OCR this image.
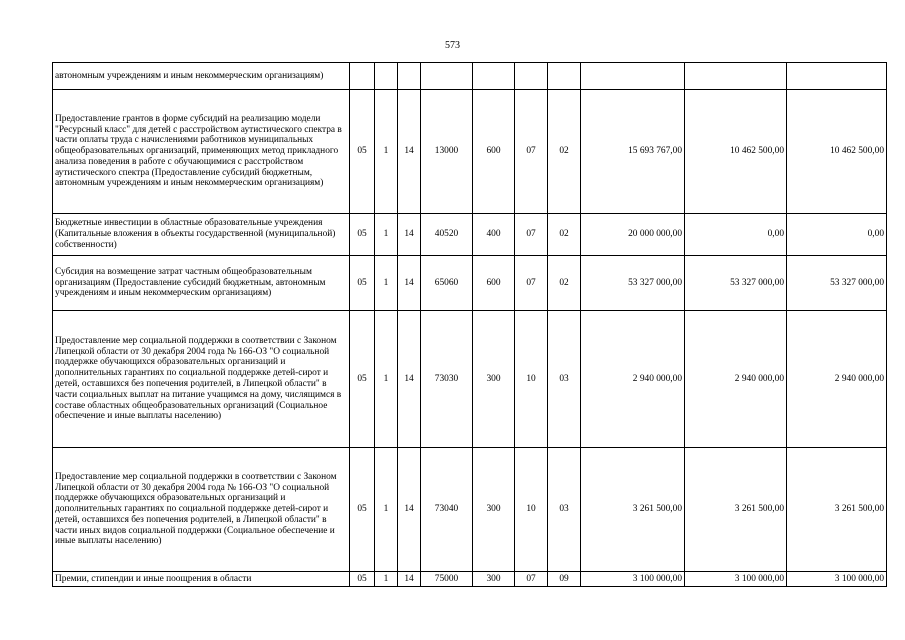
573
автономным учреждениям и иным некоммерческим организациям)										
Предоставление грантов в форме субсидий на реализацию модели "Ресурсный класс" для детей с расстройством аутистического спектра в части оплаты труда с начислениями работников муниципальных общеобразовательных организаций, применяющих метод прикладного анализа поведения в работе с обучающимися с расстройством аутистического спектра (Предоставление субсидий бюджетным, автономным учреждениям и иным некоммерческим организациям)	05	1	14	13000	600	07	02	15 693 767,00	10 462 500,00	10 462 500,00
Бюджетные инвестиции в областные образовательные учреждения (Капитальные вложения в объекты государственной (муниципальной) собственности)	05	1	14	40520	400	07	02	20 000 000,00	0,00	0,00
Субсидия на возмещение затрат частным общеобразовательным организациям (Предоставление субсидий бюджетным, автономным учреждениям и иным некоммерческим организациям)	05	1	14	65060	600	07	02	53 327 000,00	53 327 000,00	53 327 000,00
Предоставление мер социальной поддержки в соответствии с Законом Липецкой области от 30 декабря 2004 года № 166-ОЗ "О социальной поддержке обучающихся образовательных организаций и дополнительных гарантиях по социальной поддержке детей-сирот и детей, оставшихся без попечения родителей, в Липецкой области" в части социальных выплат на питание учащимся на дому, числящимся в составе областных общеобразовательных организаций (Социальное обеспечение и иные выплаты населению)	05	1	14	73030	300	10	03	2 940 000,00	2 940 000,00	2 940 000,00
Предоставление мер социальной поддержки в соответствии с Законом Липецкой области от 30 декабря 2004 года № 166-ОЗ "О социальной поддержке обучающихся образовательных организаций и дополнительных гарантиях по социальной поддержке детей-сирот и детей, оставшихся без попечения родителей, в Липецкой области" в части иных видов социальной поддержки (Социальное обеспечение и иные выплаты населению)	05	1	14	73040	300	10	03	3 261 500,00	3 261 500,00	3 261 500,00
Премии, стипендии и иные поощрения в области	05	1	14	75000	300	07	09	3 100 000,00	3 100 000,00	3 100 000,00
